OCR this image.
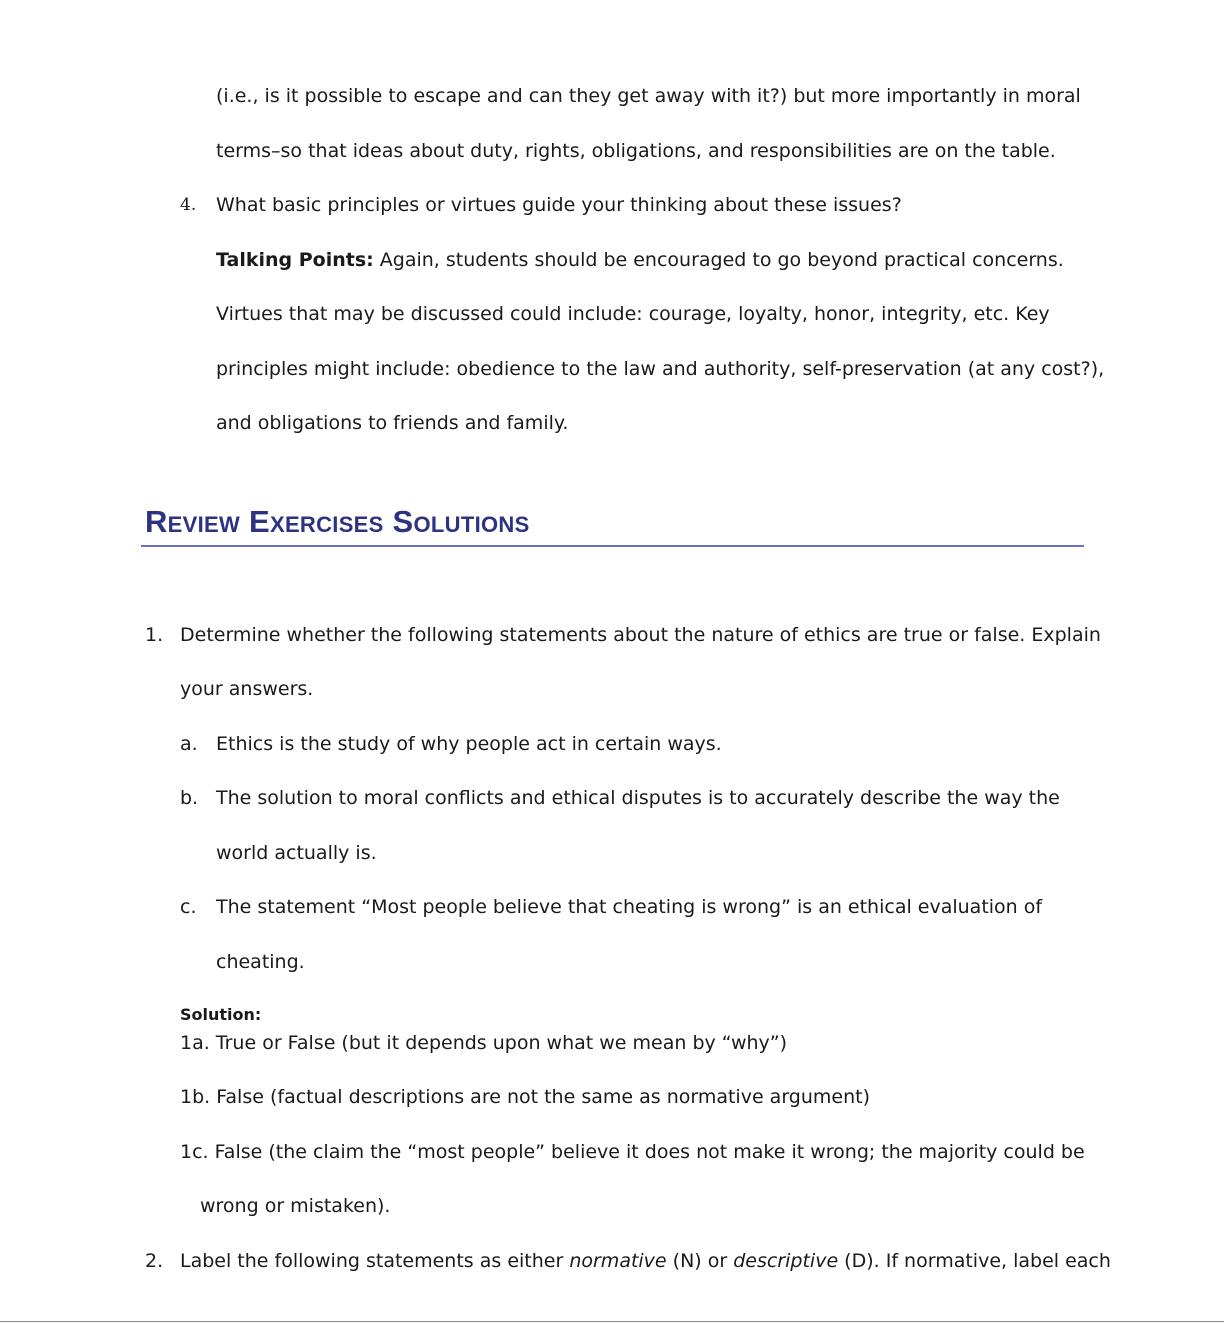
(i.e., is it possible to escape and can they get away with it?) but more importantly in moral
terms–so that ideas about duty, rights, obligations, and responsibilities are on the table.
4. What basic principles or virtues guide your thinking about these issues?
Talking Points: Again, students should be encouraged to go beyond practical concerns.
Virtues that may be discussed could include: courage, loyalty, honor, integrity, etc. Key
principles might include: obedience to the law and authority, self-preservation (at any cost?),
and obligations to friends and family.
Review Exercises Solutions
1. Determine whether the following statements about the nature of ethics are true or false. Explain
your answers.
a. Ethics is the study of why people act in certain ways.
b. The solution to moral conflicts and ethical disputes is to accurately describe the way the
world actually is.
c. The statement “Most people believe that cheating is wrong” is an ethical evaluation of
cheating.
Solution:
1a. True or False (but it depends upon what we mean by “why”)
1b. False (factual descriptions are not the same as normative argument)
1c. False (the claim the “most people” believe it does not make it wrong; the majority could be
wrong or mistaken).
2. Label the following statements as either normative (N) or descriptive (D). If normative, label each
